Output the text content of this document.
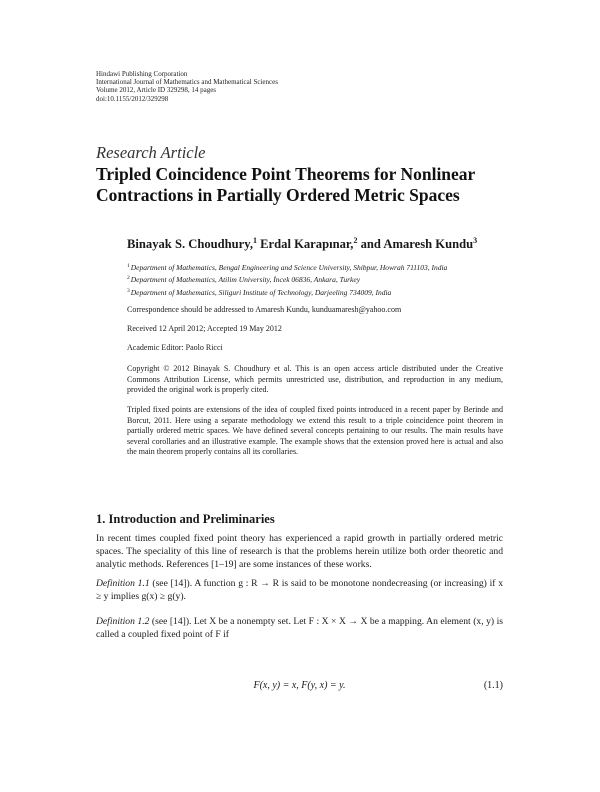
Hindawi Publishing Corporation
International Journal of Mathematics and Mathematical Sciences
Volume 2012, Article ID 329298, 14 pages
doi:10.1155/2012/329298
Research Article
Tripled Coincidence Point Theorems for Nonlinear Contractions in Partially Ordered Metric Spaces
Binayak S. Choudhury,$^1$ Erdal Karapınar,$^2$ and Amaresh Kundu$^3$
$^1$Department of Mathematics, Bengal Engineering and Science University, Shibpur, Howrah 711103, India
$^2$Department of Mathematics, Atilim University, İncek 06836, Ankara, Turkey
$^3$Department of Mathematics, Siliguri Institute of Technology, Darjeeling 734009, India
Correspondence should be addressed to Amaresh Kundu, kunduamaresh@yahoo.com
Received 12 April 2012; Accepted 19 May 2012
Academic Editor: Paolo Ricci
Copyright © 2012 Binayak S. Choudhury et al. This is an open access article distributed under the Creative Commons Attribution License, which permits unrestricted use, distribution, and reproduction in any medium, provided the original work is properly cited.
Tripled fixed points are extensions of the idea of coupled fixed points introduced in a recent paper by Berinde and Borcut, 2011. Here using a separate methodology we extend this result to a triple coincidence point theorem in partially ordered metric spaces. We have defined several concepts pertaining to our results. The main results have several corollaries and an illustrative example. The example shows that the extension proved here is actual and also the main theorem properly contains all its corollaries.
1. Introduction and Preliminaries
In recent times coupled fixed point theory has experienced a rapid growth in partially ordered metric spaces. The speciality of this line of research is that the problems herein utilize both order theoretic and analytic methods. References [1–19] are some instances of these works.
Definition 1.1 (see [14]). A function g : R → R is said to be monotone nondecreasing (or increasing) if x ≥ y implies g(x) ≥ g(y).
Definition 1.2 (see [14]). Let X be a nonempty set. Let F : X × X → X be a mapping. An element (x, y) is called a coupled fixed point of F if
F(x, y) = x, F(y, x) = y.	(1.1)
